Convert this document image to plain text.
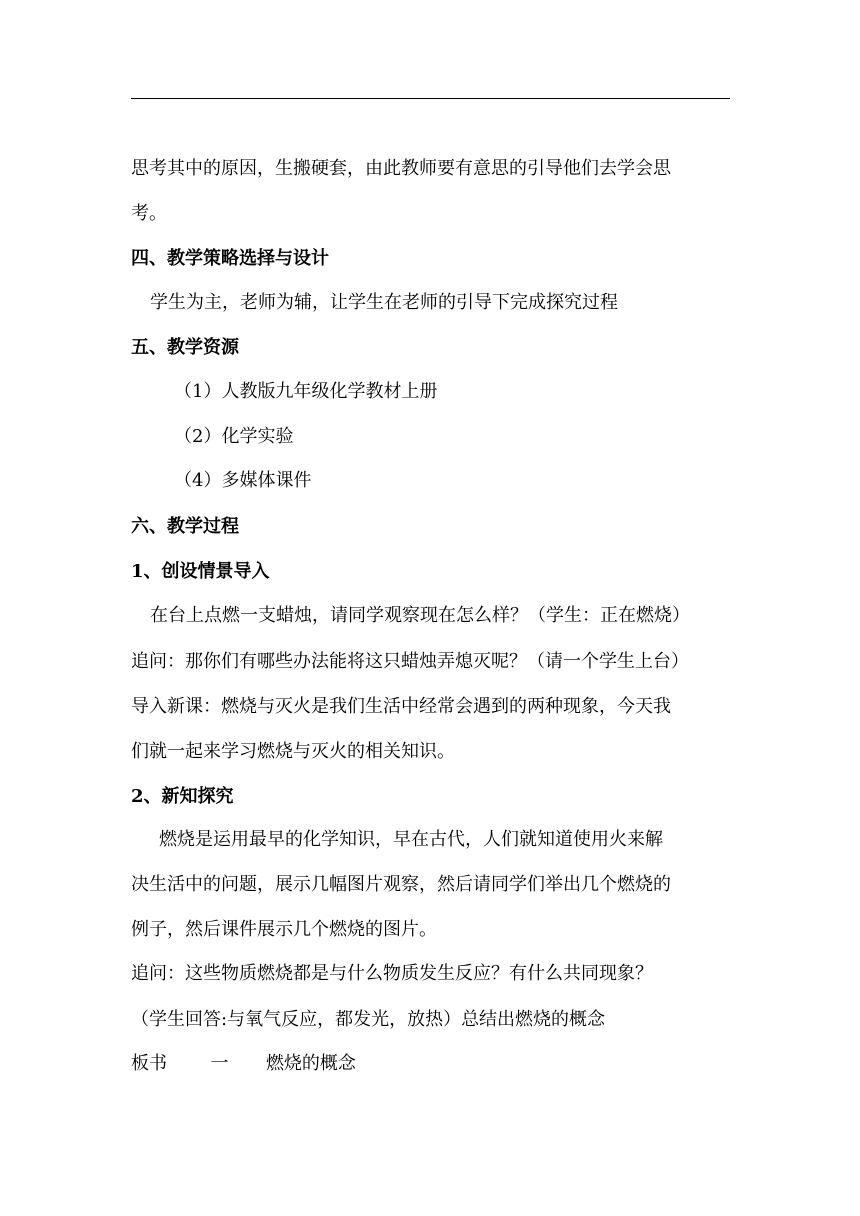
思考其中的原因，生搬硬套，由此教师要有意思的引导他们去学会思
考。
四、教学策略选择与设计
学生为主，老师为辅，让学生在老师的引导下完成探究过程
五、教学资源
（1）人教版九年级化学教材上册
（2）化学实验
（4）多媒体课件
六、教学过程
1、创设情景导入
在台上点燃一支蜡烛，请同学观察现在怎么样？（学生：正在燃烧）
追问：那你们有哪些办法能将这只蜡烛弄熄灭呢？（请一个学生上台）
导入新课：燃烧与灭火是我们生活中经常会遇到的两种现象，今天我
们就一起来学习燃烧与灭火的相关知识。
2、新知探究
燃烧是运用最早的化学知识，早在古代，人们就知道使用火来解
决生活中的问题，展示几幅图片观察，然后请同学们举出几个燃烧的
例子，然后课件展示几个燃烧的图片。
追问：这些物质燃烧都是与什么物质发生反应？有什么共同现象？
（学生回答:与氧气反应，都发光，放热）总结出燃烧的概念
板书 一 燃烧的概念
